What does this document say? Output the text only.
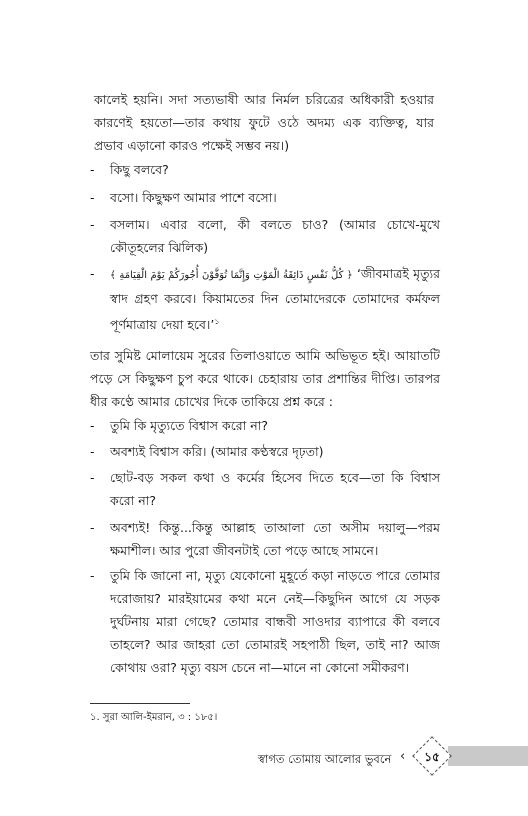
কালেই হয়নি। সদা সত্যভাষী আর নির্মল চরিত্রের অধিকারী হওয়ার কারণেই হয়তো—তার কথায় ফুটে ওঠে অদম্য এক ব্যক্তিত্ব, যার প্রভাব এড়ানো কারও পক্ষেই সম্ভব নয়।)

-	কিছু বলবে?
-	বসো। কিছুক্ষণ আমার পাশে বসো।
-	বসলাম। এবার বলো, কী বলতে চাও? (আমার চোখে-মুখে কৌতূহলের ঝিলিক)
-	﴿ كُلُّ نَفْسٍ ذَائِقَةُ الْمَوْتِ وَإِنَّمَا تُوَفَّوْنَ أُجُورَكُمْ يَوْمَ الْقِيَامَةِ ﴾ ‘জীবমাত্রই মৃত্যুর স্বাদ গ্রহণ করবে। কিয়ামতের দিন তোমাদেরকে তোমাদের কর্মফল পূর্ণমাত্রায় দেয়া হবে।’$^১$

তার সুমিষ্ট মোলায়েম সুরের তিলাওয়াতে আমি অভিভূত হই। আয়াতটি পড়ে সে কিছুক্ষণ চুপ করে থাকে। চেহারায় তার প্রশান্তির দীপ্তি। তারপর ধীর কণ্ঠে আমার চোখের দিকে তাকিয়ে প্রশ্ন করে :

-	তুমি কি মৃত্যুতে বিশ্বাস করো না?
-	অবশ্যই বিশ্বাস করি। (আমার কণ্ঠস্বরে দৃঢ়তা)
-	ছোট-বড় সকল কথা ও কর্মের হিসেব দিতে হবে—তা কি বিশ্বাস করো না?
-	অবশ্যই! কিন্তু...কিন্তু আল্লাহ তাআলা তো অসীম দয়ালু—পরম ক্ষমাশীল। আর পুরো জীবনটাই তো পড়ে আছে সামনে।
-	তুমি কি জানো না, মৃত্যু যেকোনো মুহূর্তে কড়া নাড়তে পারে তোমার দরোজায়? মারইয়ামের কথা মনে নেই—কিছুদিন আগে যে সড়ক দুর্ঘটনায় মারা গেছে? তোমার বান্ধবী সাওদার ব্যাপারে কী বলবে তাহলে? আর জাহরা তো তোমারই সহপাঠী ছিল, তাই না? আজ কোথায় ওরা? মৃত্যু বয়স চেনে না—মানে না কোনো সমীকরণ।
১. সুরা আলি-ইমরান, ৩ : ১৮৫।
স্বাগত তোমায় আলোর ভুবনে ‹	১৫
